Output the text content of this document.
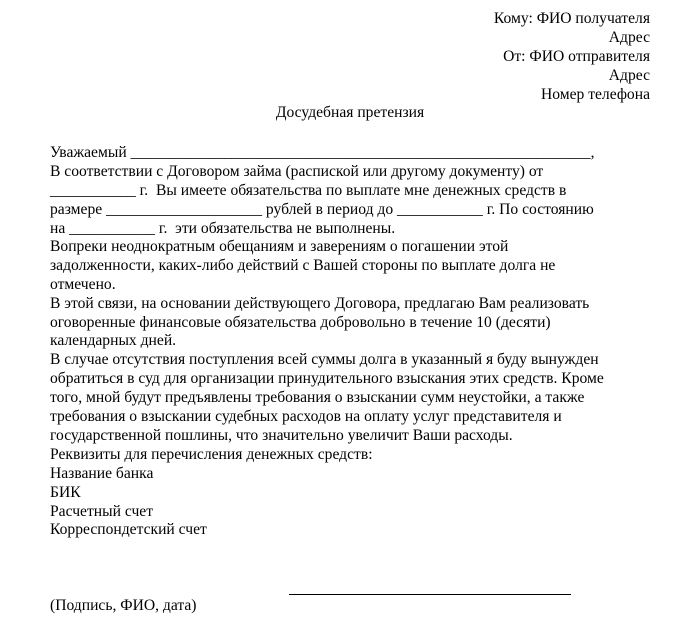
Кому: ФИО получателя
Адрес
От: ФИО отправителя
Адрес
Номер телефона
Досудебная претензия
Уважаемый ___________________________________________________________,
В соответствии с Договором займа (распиской или другому документу) от
___________ г.  Вы имеете обязательства по выплате мне денежных средств в
размере ____________________ рублей в период до ___________ г. По состоянию
на ___________ г.  эти обязательства не выполнены.
Вопреки неоднократным обещаниям и заверениям о погашении этой
задолженности, каких-либо действий с Вашей стороны по выплате долга не
отмечено.
В этой связи, на основании действующего Договора, предлагаю Вам реализовать
оговоренные финансовые обязательства добровольно в течение 10 (десяти)
календарных дней.
В случае отсутствия поступления всей суммы долга в указанный я буду вынужден
обратиться в суд для организации принудительного взыскания этих средств. Кроме
того, мной будут предъявлены требования о взыскании сумм неустойки, а также
требования о взыскании судебных расходов на оплату услуг представителя и
государственной пошлины, что значительно увеличит Ваши расходы.
Реквизиты для перечисления денежных средств:
Название банка
БИК
Расчетный счет
Корреспондетский счет
(Подпись, ФИО, дата)
